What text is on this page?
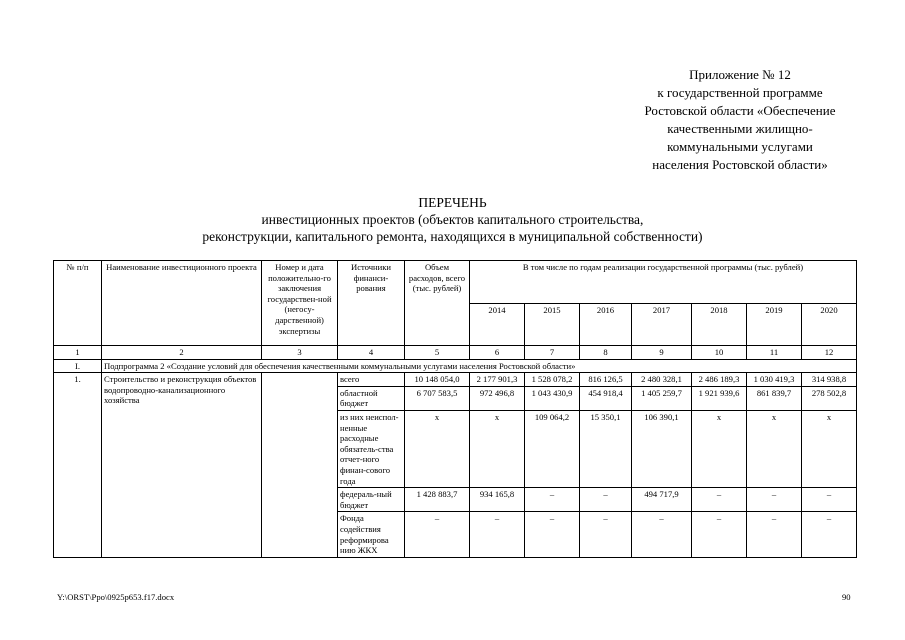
Приложение № 12
к государственной программе
Ростовской области «Обеспечение
качественными жилищно-
коммунальными услугами
населения Ростовской области»
ПЕРЕЧЕНЬ
инвестиционных проектов (объектов капитального строительства,
реконструкции, капитального ремонта, находящихся в муниципальной собственности)
№ п/п	Наименование инвестиционного проекта	Номер и дата положительно-го заключения государствен-ной (негосу-дарственной) экспертизы	Источники финанси-рования	Объем расходов, всего (тыс. рублей)	В том числе по годам реализации государственной программы (тыс. рублей)						
					2014	2015	2016	2017	2018	2019	2020
1	2	3	4	5	6	7	8	9	10	11	12
I.	Подпрограмма 2 «Создание условий для обеспечения качественными коммунальными услугами населения Ростовской области»										
1.	Строительство и реконструкция объектов водопроводно-канализационного хозяйства		всего	10 148 054,0	2 177 901,3	1 528 078,2	816 126,5	2 480 328,1	2 486 189,3	1 030 419,3	314 938,8
			областной бюджет	6 707 583,5	972 496,8	1 043 430,9	454 918,4	1 405 259,7	1 921 939,6	861 839,7	278 502,8
			из них неиспол-ненные расходные обязатель-ства отчет-ного финан-сового года	x	x	109 064,2	15 350,1	106 390,1	x	x	x
			федераль-ный бюджет	1 428 883,7	934 165,8	–	–	494 717,9	–	–	–
			Фонда содействия реформирова нию ЖКХ	–	–	–	–	–	–	–	–
Y:\ORST\Ppo\0925p653.f17.docx	90
